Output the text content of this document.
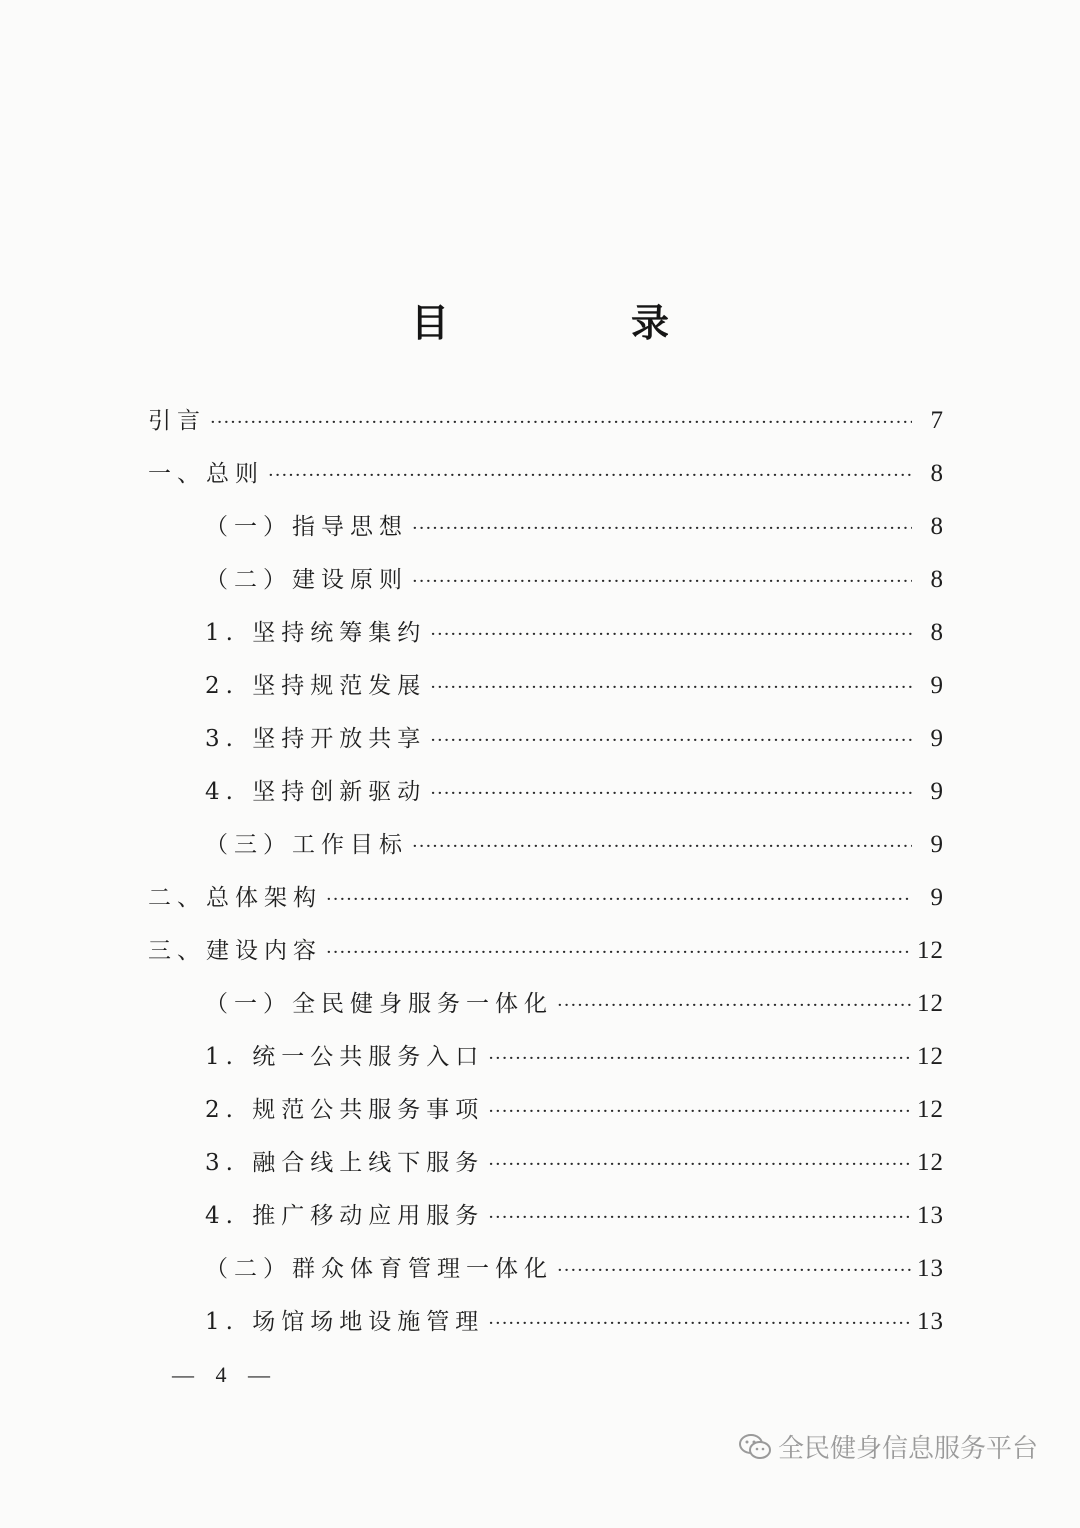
目　录
引言 ·····	7
一、总则 ·····	8
（一）指导思想 ·····	8
（二）建设原则 ·····	8
1. 坚持统筹集约 ·····	8
2. 坚持规范发展 ·····	9
3. 坚持开放共享 ·····	9
4. 坚持创新驱动 ·····	9
（三）工作目标 ·····	9
二、总体架构 ·····	9
三、建设内容 ·····	12
（一）全民健身服务一体化 ·····	12
1. 统一公共服务入口 ·····	12
2. 规范公共服务事项 ·····	12
3. 融合线上线下服务 ·····	12
4. 推广移动应用服务 ·····	13
（二）群众体育管理一体化 ·····	13
1. 场馆场地设施管理 ·····	13
— 4 —
全民健身信息服务平台
